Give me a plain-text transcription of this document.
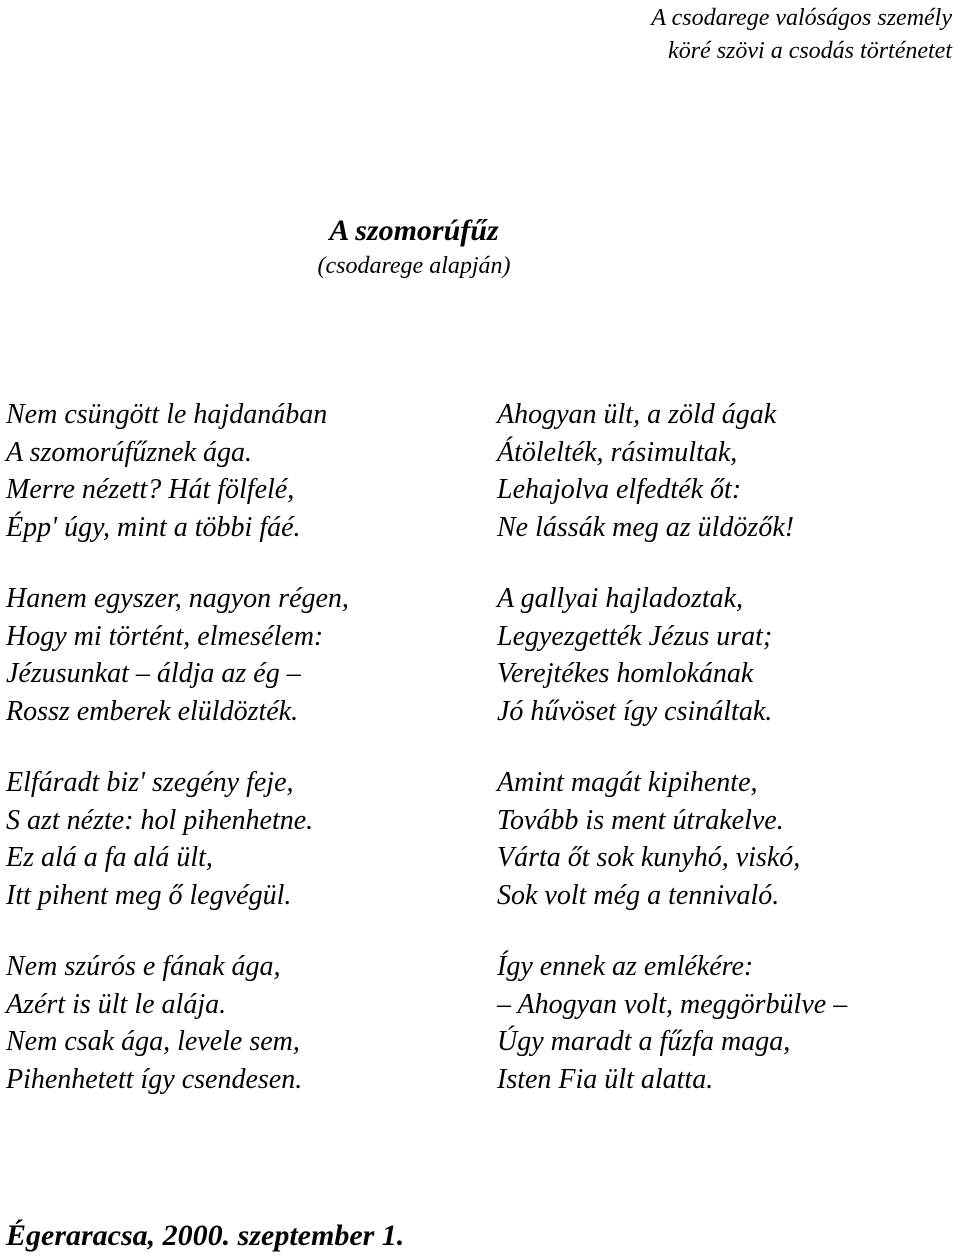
A csodarege valóságos személy
köré szövi a csodás történetet
A szomorúfűz
(csodarege alapján)
Nem csüngött le hajdanában
A szomorúfűznek ága.
Merre nézett? Hát fölfelé,
Épp' úgy, mint a többi fáé.
Hanem egyszer, nagyon régen,
Hogy mi történt, elmesélem:
Jézusunkat – áldja az ég –
Rossz emberek elüldözték.
Elfáradt biz' szegény feje,
S azt nézte: hol pihenhetne.
Ez alá a fa alá ült,
Itt pihent meg ő legvégül.
Nem szúrós e fának ága,
Azért is ült le alája.
Nem csak ága, levele sem,
Pihenhetett így csendesen.
Ahogyan ült, a zöld ágak
Átölelték, rásimultak,
Lehajolva elfedték őt:
Ne lássák meg az üldözők!
A gallyai hajladoztak,
Legyezgették Jézus urat;
Verejtékes homlokának
Jó hűvöset így csináltak.
Amint magát kipihente,
Tovább is ment útrakelve.
Várta őt sok kunyhó, viskó,
Sok volt még a tennivaló.
Így ennek az emlékére:
– Ahogyan volt, meggörbülve –
Úgy maradt a fűzfa maga,
Isten Fia ült alatta.
Égeraracsa, 2000. szeptember 1.
